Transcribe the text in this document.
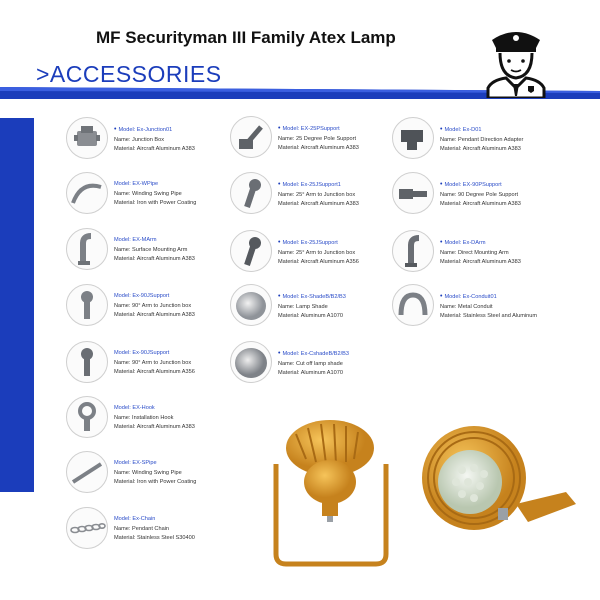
MF Securityman III Family Atex Lamp
>ACCESSORIES
• Model: Ex-Junction01
Name: Junction Box
Material: Aircraft Aluminum A383
Model: EX-WPipe
Name: Winding Swing Pipe
Material: Iron with Power Coating
Model: EX-MArm
Name: Surface Mounting Arm
Material: Aircraft Aluminum A383
Model: Ex-90JSupport
Name: 90° Arm to Junction box
Material: Aircraft Aluminum A383
Model: Ex-90JSupport
Name: 90° Arm to Junction box
Material: Aircraft Aluminum A356
Model: EX-Hook
Name: Installation Hook
Material: Aircraft Aluminum A383
Model: EX-SPipe
Name: Winding Swing Pipe
Material: Iron with Power Coating
Model: Ex-Chain
Name: Pendant Chain
Material: Stainless Steel S30400
• Model: EX-25PSupport
Name: 25 Degree Pole Support
Material: Aircraft Aluminum A383
• Model: Ex-25JSupport1
Name: 25° Arm to Junction box
Material: Aircraft Aluminum A383
• Model: Ex-25JSupport
Name: 25° Arm to Junction box
Material: Aircraft Aluminum A356
• Model: Ex-ShadeB/B2/B3
Name: Lamp Shade
Material: Aluminum A1070
• Model: Ex-CshadeB/B2/B3
Name: Cut off lamp shade
Material: Aluminum A1070
• Model: Ex-D01
Name: Pendant Direction Adapter
Material: Aircraft Aluminum A383
• Model: EX-90PSupport
Name: 90 Degree Pole Support
Material: Aircraft Aluminum A383
• Model: Ex-DArm
Name: Direct Mounting Arm
Material: Aircraft Aluminum A383
• Model: Ex-Conduit01
Name: Metal Conduit
Material: Stainless Steel and Aluminum
